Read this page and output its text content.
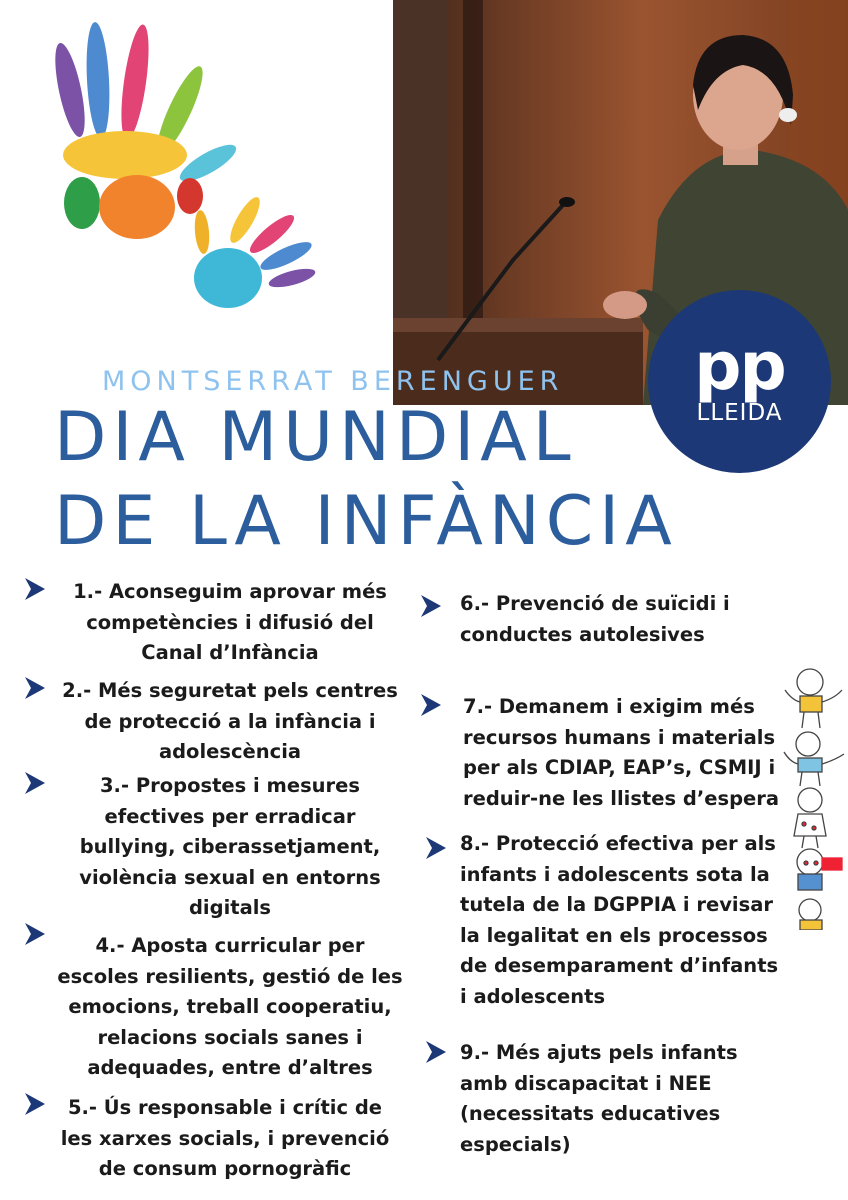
MONTSERRAT BERENGUER	pp
LLEIDA
DIA MUNDIAL
DE LA INFÀNCIA
1.- Aconseguim aprovar més
competències i difusió del
Canal d’Infància
2.- Més seguretat pels centres
de protecció a la infància i
adolescència
3.- Propostes i mesures
efectives per erradicar
bullying, ciberassetjament,
violència sexual en entorns
digitals
4.- Aposta curricular per
escoles resilients, gestió de les
emocions, treball cooperatiu,
relacions socials sanes i
adequades, entre d’altres
5.- Ús responsable i crític de
les xarxes socials, i prevenció
de consum pornogràfic
6.- Prevenció de suïcidi i
conductes autolesives
7.- Demanem i exigim més
recursos humans i materials
per als CDIAP, EAP’s, CSMIJ i
reduir-ne les llistes d’espera
8.- Protecció efectiva per als
infants i adolescents sota la
tutela de la DGPPIA i revisar
la legalitat en els processos
de desemparament d’infants
i adolescents
9.- Més ajuts pels infants
amb discapacitat i NEE
(necessitats educatives
especials)
